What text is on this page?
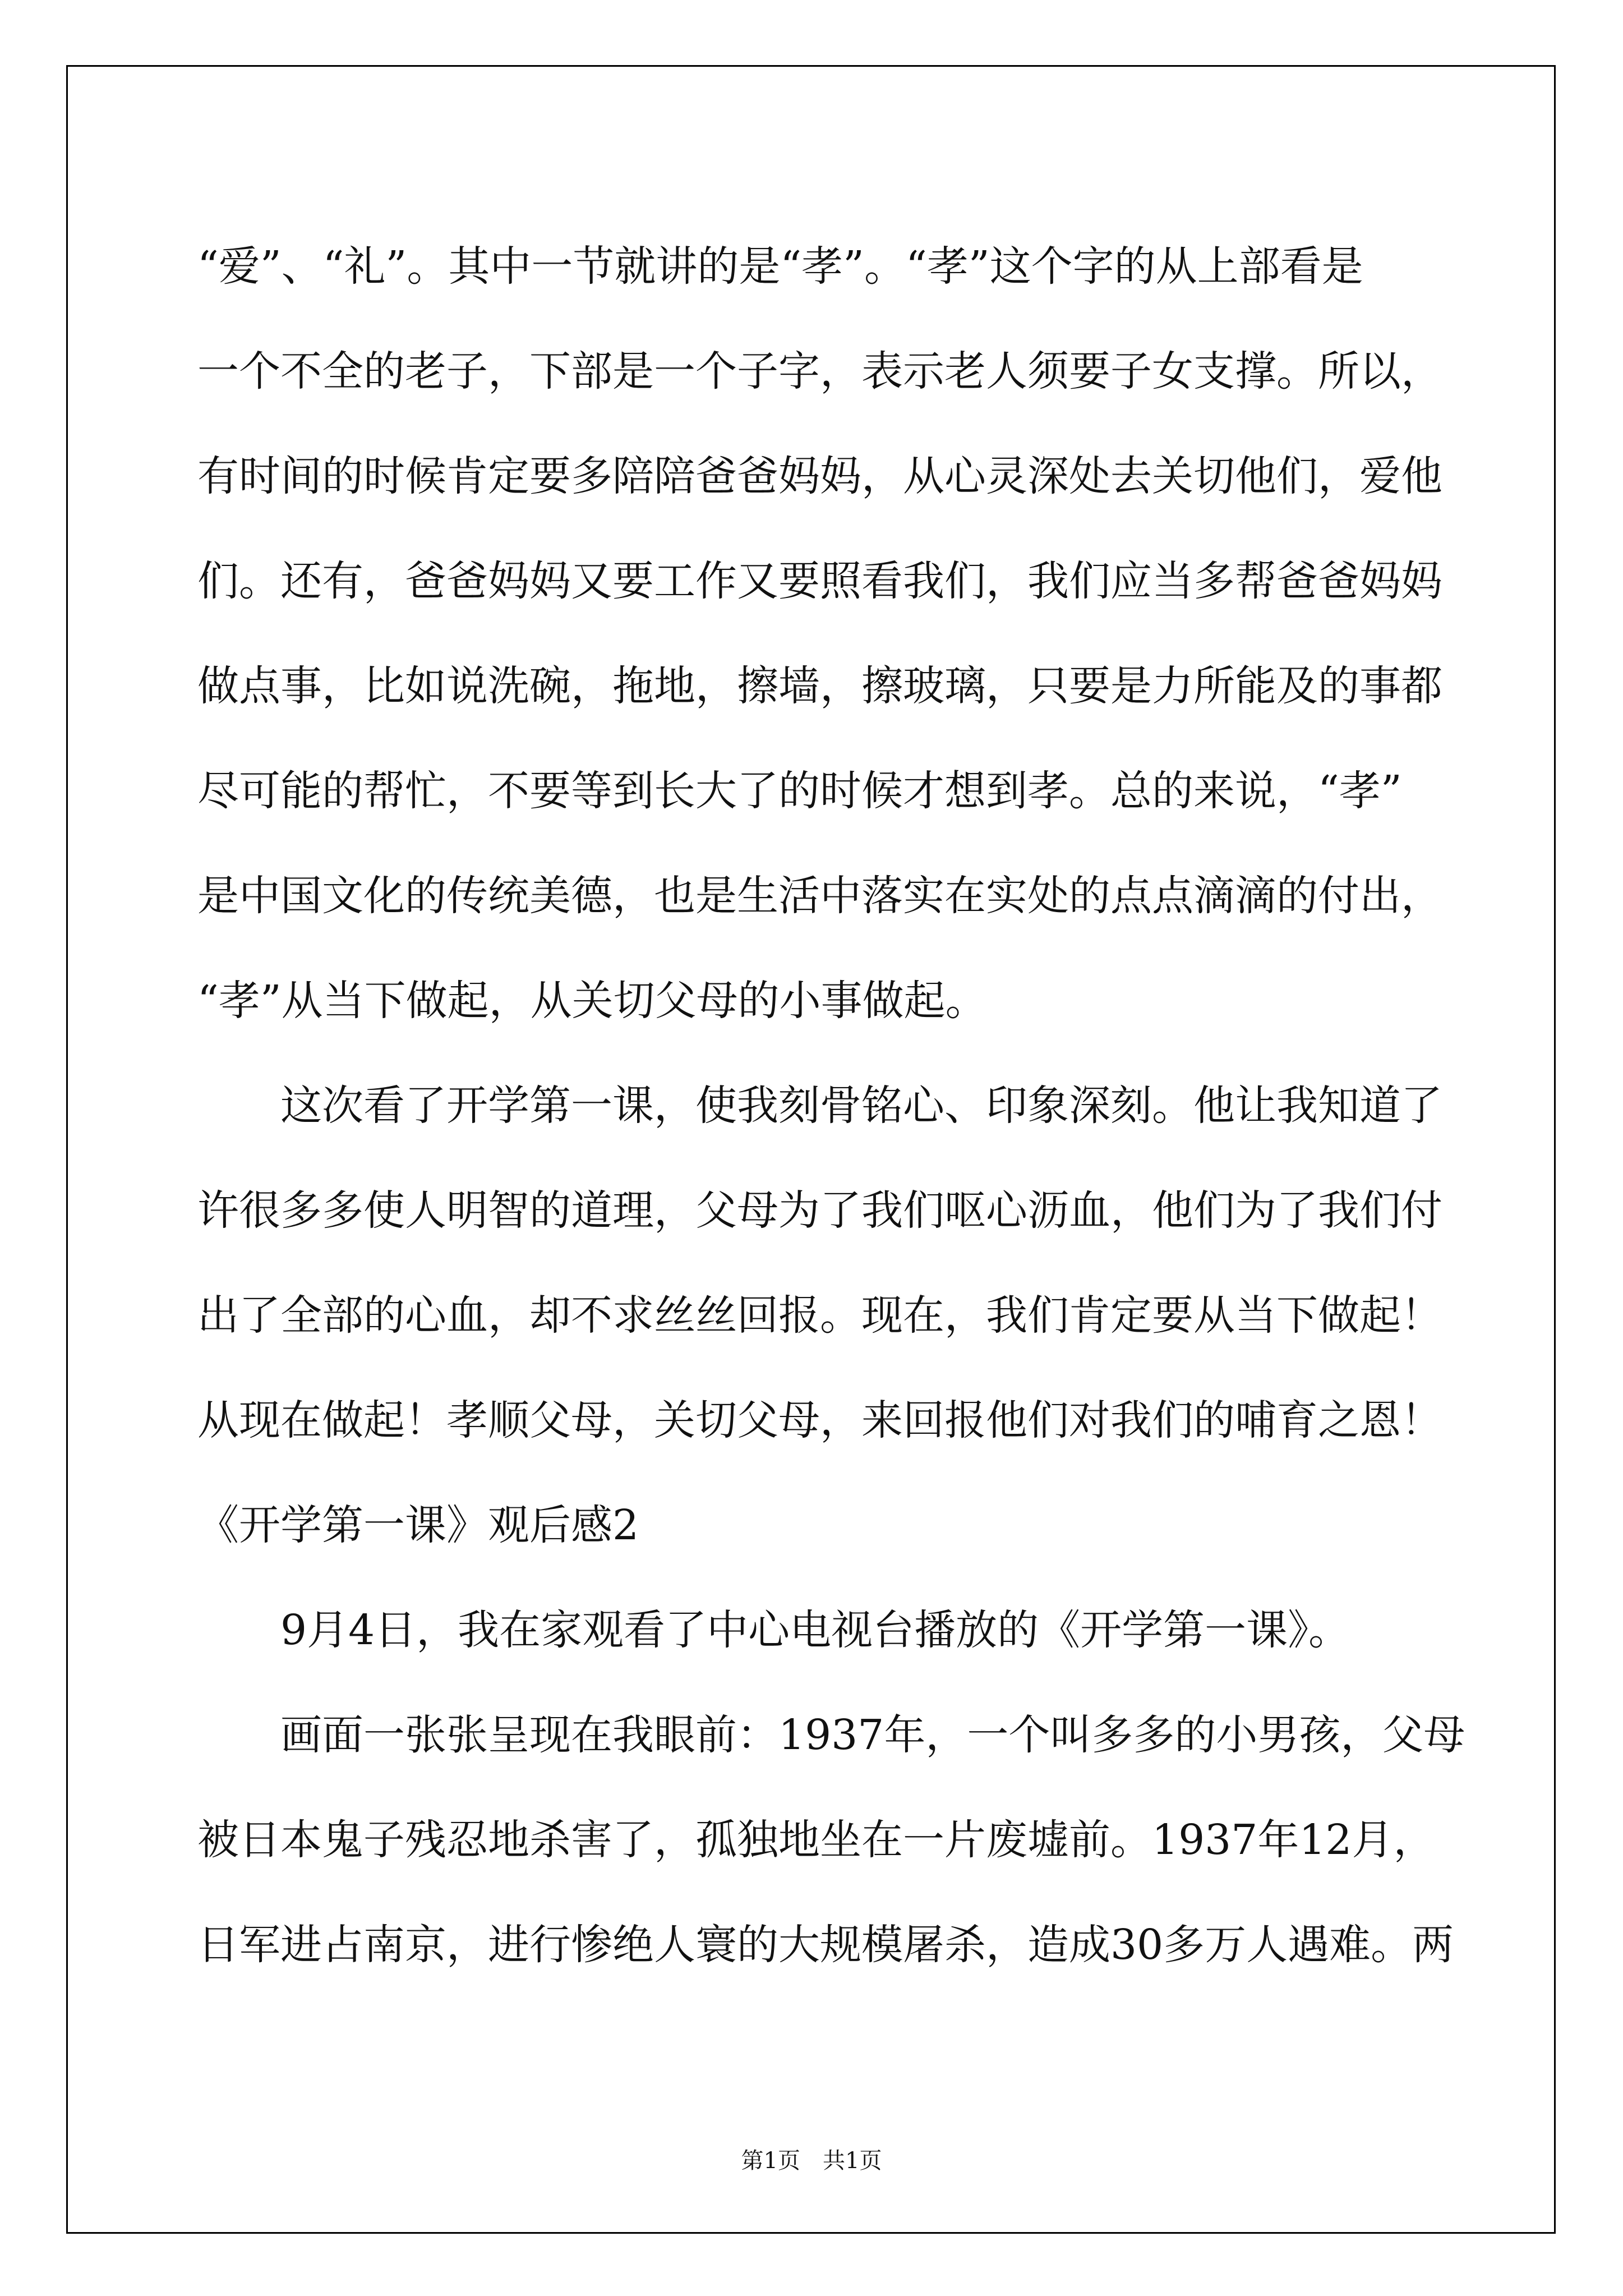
“爱”、“礼”。其中一节就讲的是“孝”。“孝”这个字的从上部看是
一个不全的老子，下部是一个子字，表示老人须要子女支撑。所以，
有时间的时候肯定要多陪陪爸爸妈妈，从心灵深处去关切他们，爱他
们。还有，爸爸妈妈又要工作又要照看我们，我们应当多帮爸爸妈妈
做点事，比如说洗碗，拖地，擦墙，擦玻璃，只要是力所能及的事都
尽可能的帮忙，不要等到长大了的时候才想到孝。总的来说，“孝”
是中国文化的传统美德，也是生活中落实在实处的点点滴滴的付出，
“孝”从当下做起，从关切父母的小事做起。
这次看了开学第一课，使我刻骨铭心、印象深刻。他让我知道了
许很多多使人明智的道理，父母为了我们呕心沥血，他们为了我们付
出了全部的心血，却不求丝丝回报。现在，我们肯定要从当下做起！
从现在做起！孝顺父母，关切父母，来回报他们对我们的哺育之恩！
《开学第一课》观后感2
9月4日，我在家观看了中心电视台播放的《开学第一课》。
画面一张张呈现在我眼前：1937年，一个叫多多的小男孩，父母
被日本鬼子残忍地杀害了，孤独地坐在一片废墟前。1937年12月，
日军进占南京，进行惨绝人寰的大规模屠杀，造成30多万人遇难。两
第1页　共1页
